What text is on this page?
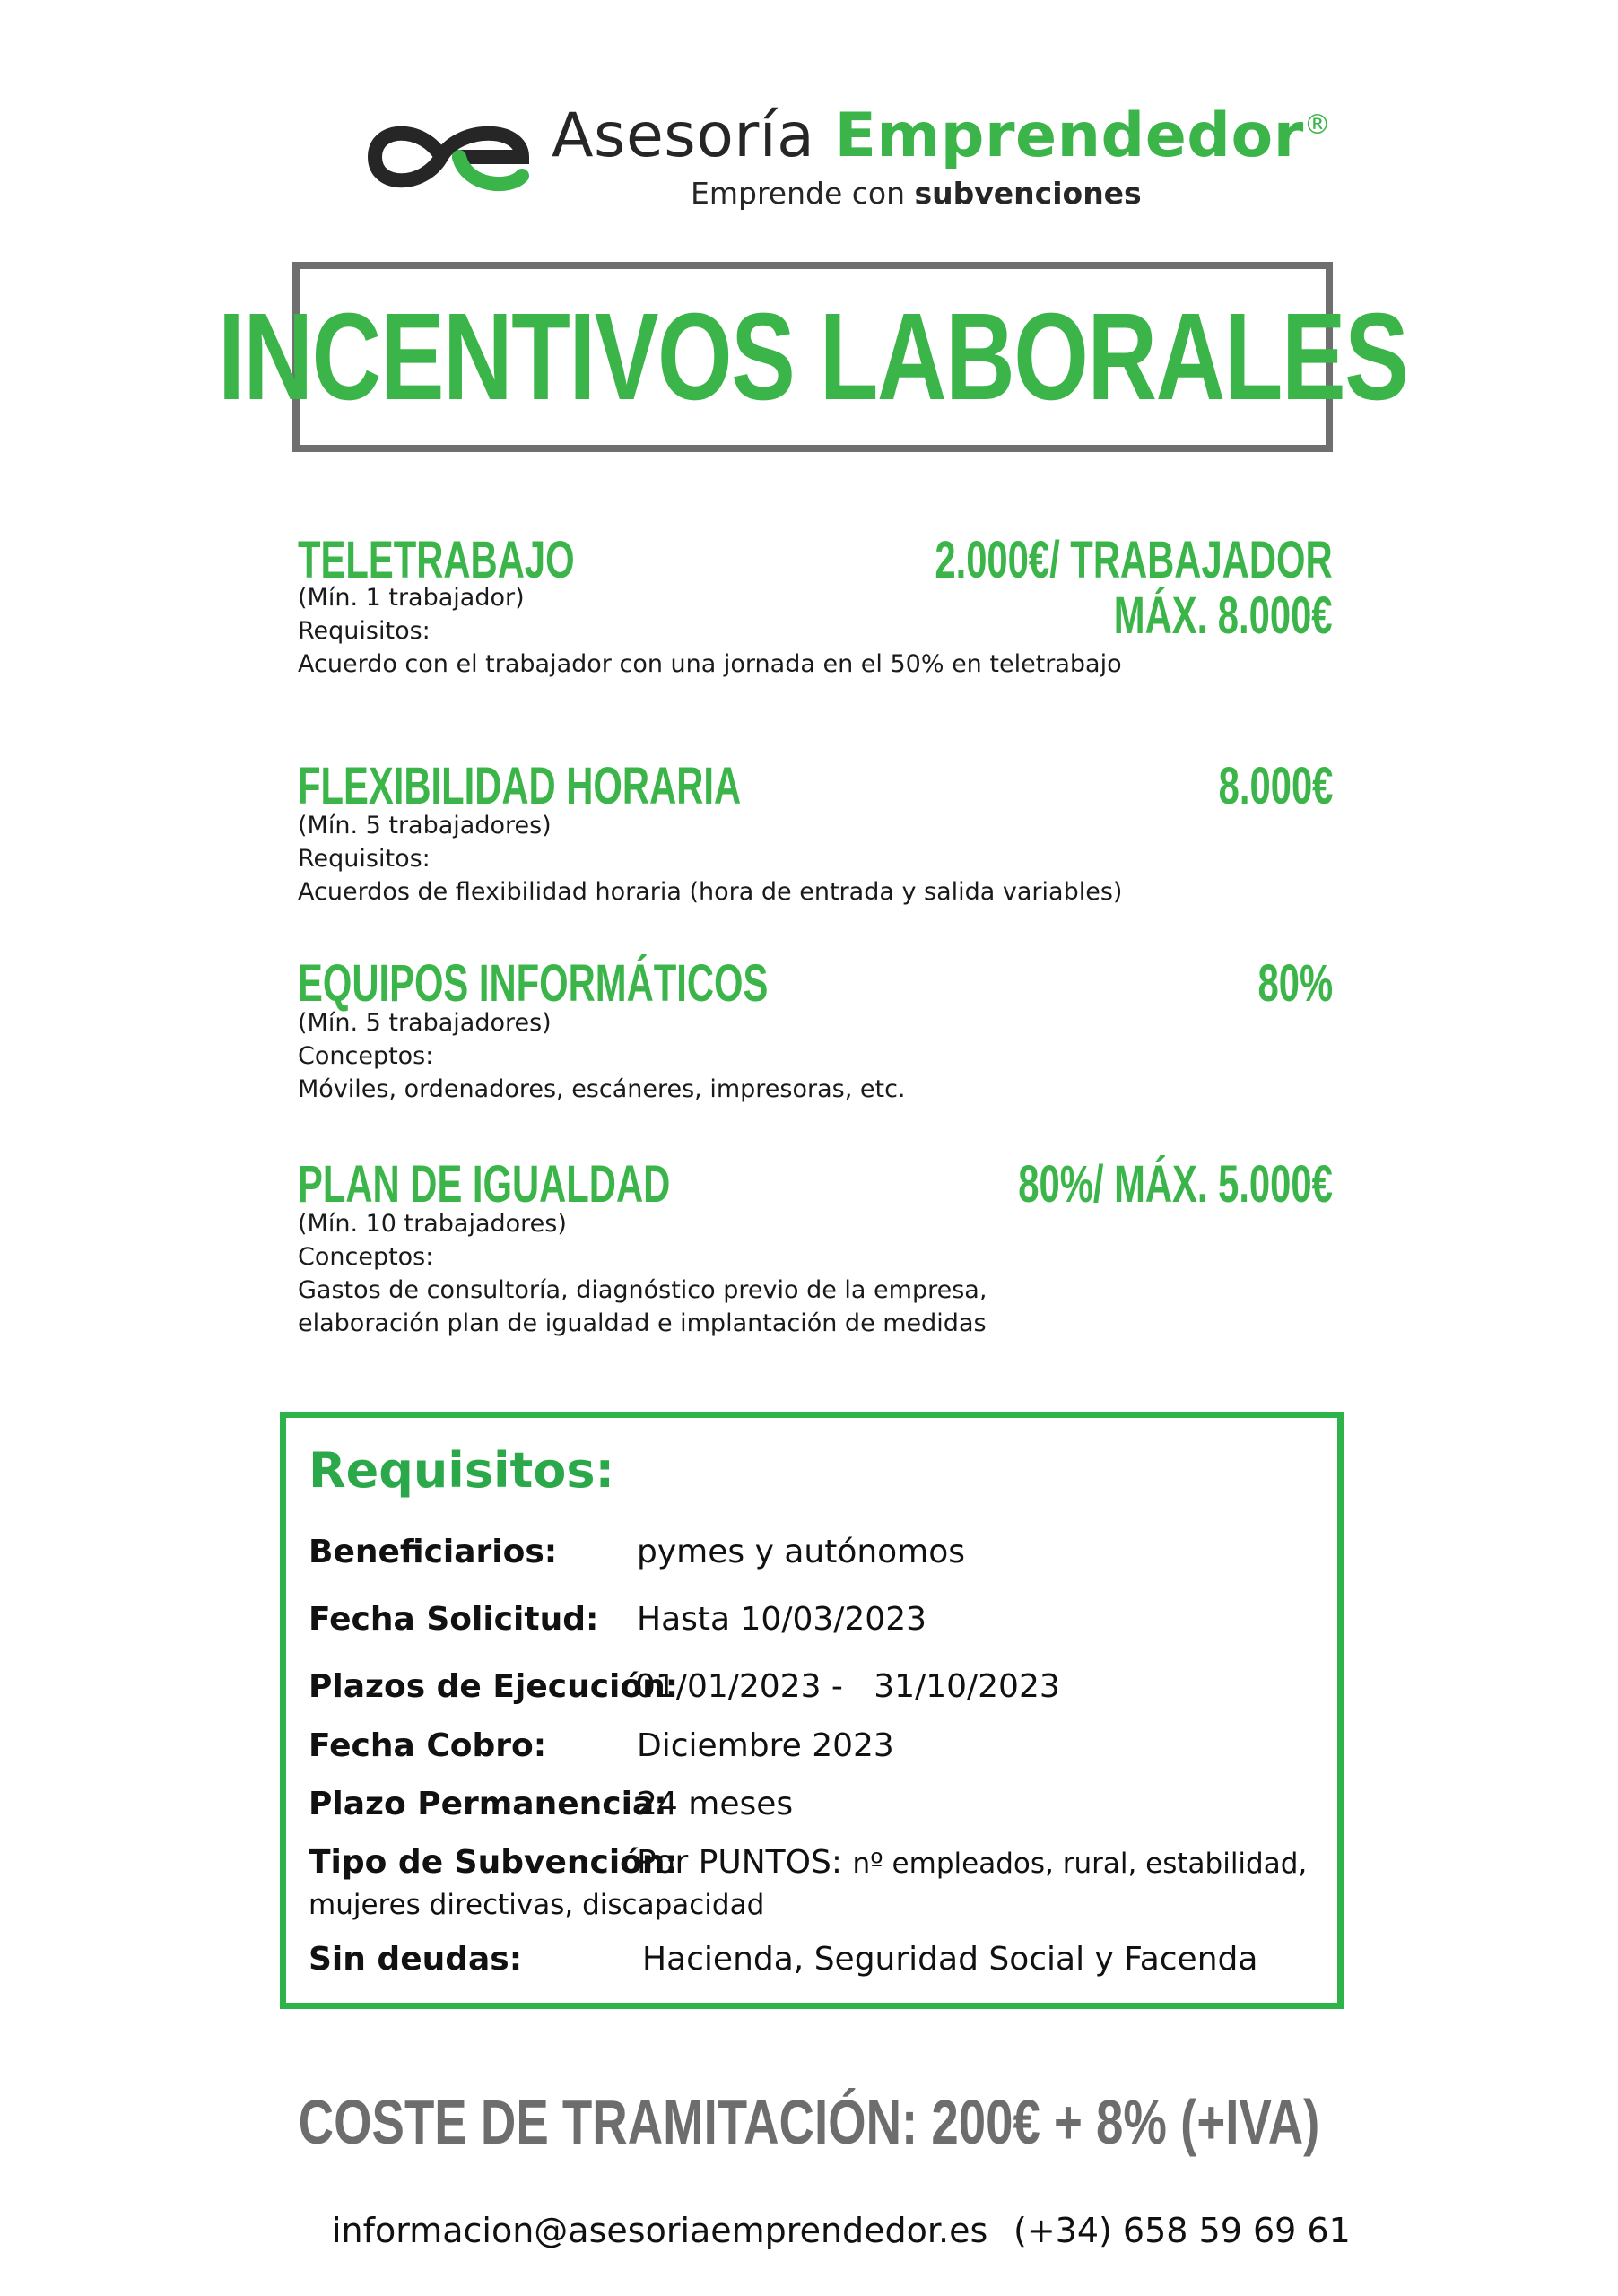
Asesoría Emprendedor®
Emprende con subvenciones
INCENTIVOS LABORALES
TELETRABAJO	2.000€/ TRABAJADOR
MÁX. 8.000€
(Mín. 1 trabajador)
Requisitos:
Acuerdo con el trabajador con una jornada en el 50% en teletrabajo
FLEXIBILIDAD HORARIA	8.000€
(Mín. 5 trabajadores)
Requisitos:
Acuerdos de flexibilidad horaria (hora de entrada y salida variables)
EQUIPOS INFORMÁTICOS	80%
(Mín. 5 trabajadores)
Conceptos:
Móviles, ordenadores, escáneres, impresoras, etc.
PLAN DE IGUALDAD	80%/ MÁX. 5.000€
(Mín. 10 trabajadores)
Conceptos:
Gastos de consultoría, diagnóstico previo de la empresa,
elaboración plan de igualdad e implantación de medidas
Requisitos:
Beneficiarios: pymes y autónomos
Fecha Solicitud: Hasta 10/03/2023
Plazos de Ejecución:
01/01/2023 -   31/10/2023
Fecha Cobro:	Diciembre 2023
Plazo Permanencia:
24 meses
Tipo de Subvención:
Por PUNTOS: nº empleados, rural, estabilidad,
mujeres directivas, discapacidad
Sin deudas:	Hacienda, Seguridad Social y Facenda
COSTE DE TRAMITACIÓN: 200€ + 8% (+IVA)
informacion@asesoriaemprendedor.es (+34) 658 59 69 61
